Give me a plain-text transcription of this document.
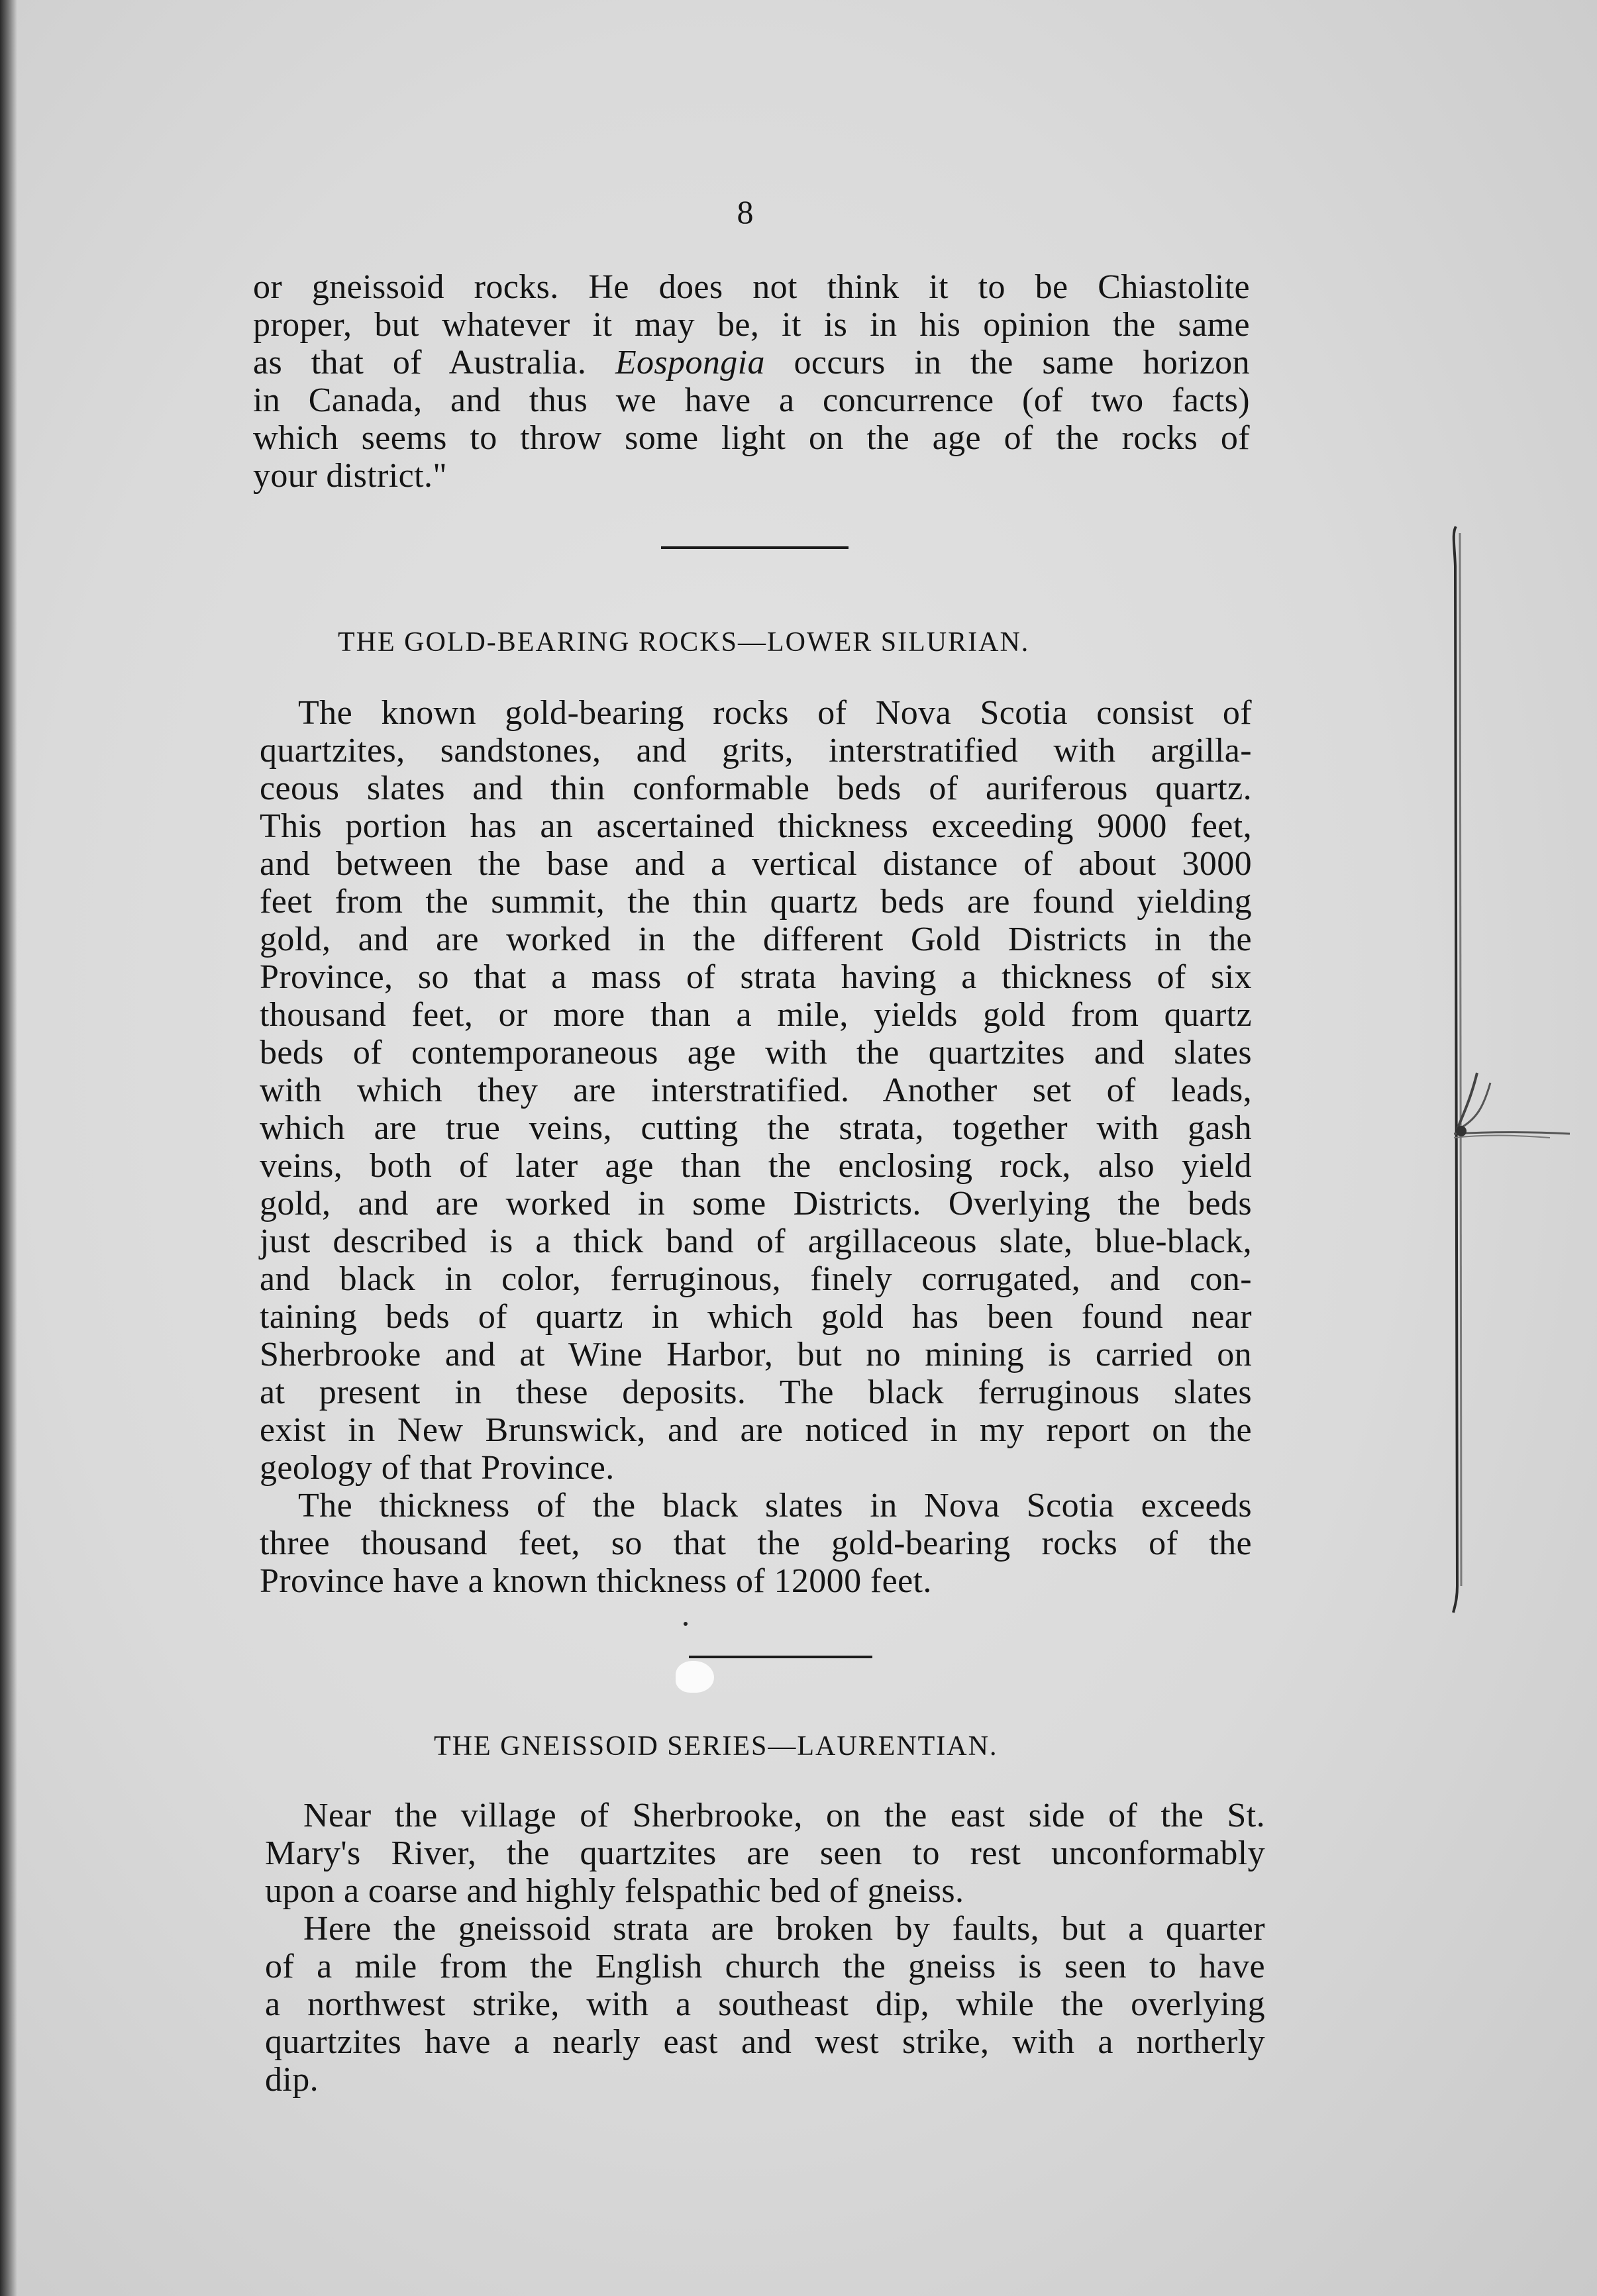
8

or gneissoid rocks. He does not think it to be Chiastolite
proper, but whatever it may be, it is in his opinion the same
as that of Australia. Eospongia occurs in the same horizon
in Canada, and thus we have a concurrence (of two facts)
which seems to throw some light on the age of the rocks of
your district."

THE GOLD-BEARING ROCKS—LOWER SILURIAN.

The known gold-bearing rocks of Nova Scotia consist of
quartzites, sandstones, and grits, interstratified with argilla-
ceous slates and thin conformable beds of auriferous quartz.
This portion has an ascertained thickness exceeding 9000 feet,
and between the base and a vertical distance of about 3000
feet from the summit, the thin quartz beds are found yielding
gold, and are worked in the different Gold Districts in the
Province, so that a mass of strata having a thickness of six
thousand feet, or more than a mile, yields gold from quartz
beds of contemporaneous age with the quartzites and slates
with which they are interstratified. Another set of leads,
which are true veins, cutting the strata, together with gash
veins, both of later age than the enclosing rock, also yield
gold, and are worked in some Districts. Overlying the beds
just described is a thick band of argillaceous slate, blue-black,
and black in color, ferruginous, finely corrugated, and con-
taining beds of quartz in which gold has been found near
Sherbrooke and at Wine Harbor, but no mining is carried on
at present in these deposits. The black ferruginous slates
exist in New Brunswick, and are noticed in my report on the
geology of that Province.

The thickness of the black slates in Nova Scotia exceeds
three thousand feet, so that the gold-bearing rocks of the
Province have a known thickness of 12000 feet.

THE GNEISSOID SERIES—LAURENTIAN.

Near the village of Sherbrooke, on the east side of the St.
Mary's River, the quartzites are seen to rest unconformably
upon a coarse and highly felspathic bed of gneiss.

Here the gneissoid strata are broken by faults, but a quarter
of a mile from the English church the gneiss is seen to have
a northwest strike, with a southeast dip, while the overlying
quartzites have a nearly east and west strike, with a northerly
dip.
